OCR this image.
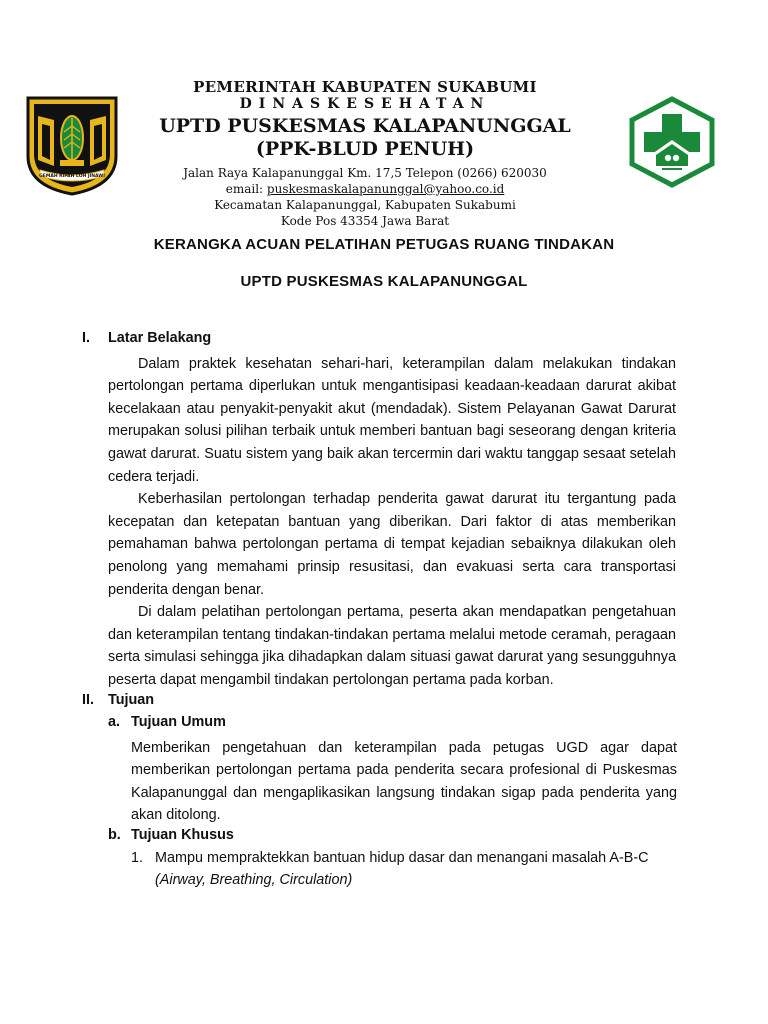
GEMAH RIPAH LOH JINAWI
PEMERINTAH KABUPATEN SUKABUMI
DINASKESEHATAN
UPTD PUSKESMAS KALAPANUNGGAL
(PPK-BLUD PENUH)
Jalan Raya Kalapanunggal Km. 17,5 Telepon (0266) 620030
email: puskesmaskalapanunggal@yahoo.co.id
Kecamatan Kalapanunggal, Kabupaten Sukabumi
Kode Pos 43354 Jawa Barat
KERANGKA ACUAN PELATIHAN PETUGAS RUANG TINDAKAN
UPTD PUSKESMAS KALAPANUNGGAL
I. Latar Belakang
Dalam praktek kesehatan sehari-hari, keterampilan dalam melakukan tindakan pertolongan pertama diperlukan untuk mengantisipasi keadaan-keadaan darurat akibat kecelakaan atau penyakit-penyakit akut (mendadak). Sistem Pelayanan Gawat Darurat merupakan solusi pilihan terbaik untuk memberi bantuan bagi seseorang dengan kriteria gawat darurat. Suatu sistem yang baik akan tercermin dari waktu tanggap sesaat setelah cedera terjadi.
Keberhasilan pertolongan terhadap penderita gawat darurat itu tergantung pada kecepatan dan ketepatan bantuan yang diberikan. Dari faktor di atas memberikan pemahaman bahwa pertolongan pertama di tempat kejadian sebaiknya dilakukan oleh penolong yang memahami prinsip resusitasi, dan evakuasi serta cara transportasi penderita dengan benar.
Di dalam pelatihan pertolongan pertama, peserta akan mendapatkan pengetahuan dan keterampilan tentang tindakan-tindakan pertama melalui metode ceramah, peragaan serta simulasi sehingga jika dihadapkan dalam situasi gawat darurat yang sesungguhnya peserta dapat mengambil tindakan pertolongan pertama pada korban.
II. Tujuan
a. Tujuan Umum
Memberikan pengetahuan dan keterampilan pada petugas UGD agar dapat memberikan pertolongan pertama pada penderita secara profesional di Puskesmas Kalapanunggal dan mengaplikasikan langsung tindakan sigap pada penderita yang akan ditolong.
b. Tujuan Khusus
1. Mampu mempraktekkan bantuan hidup dasar dan menangani masalah A-B-C
(Airway, Breathing, Circulation)
